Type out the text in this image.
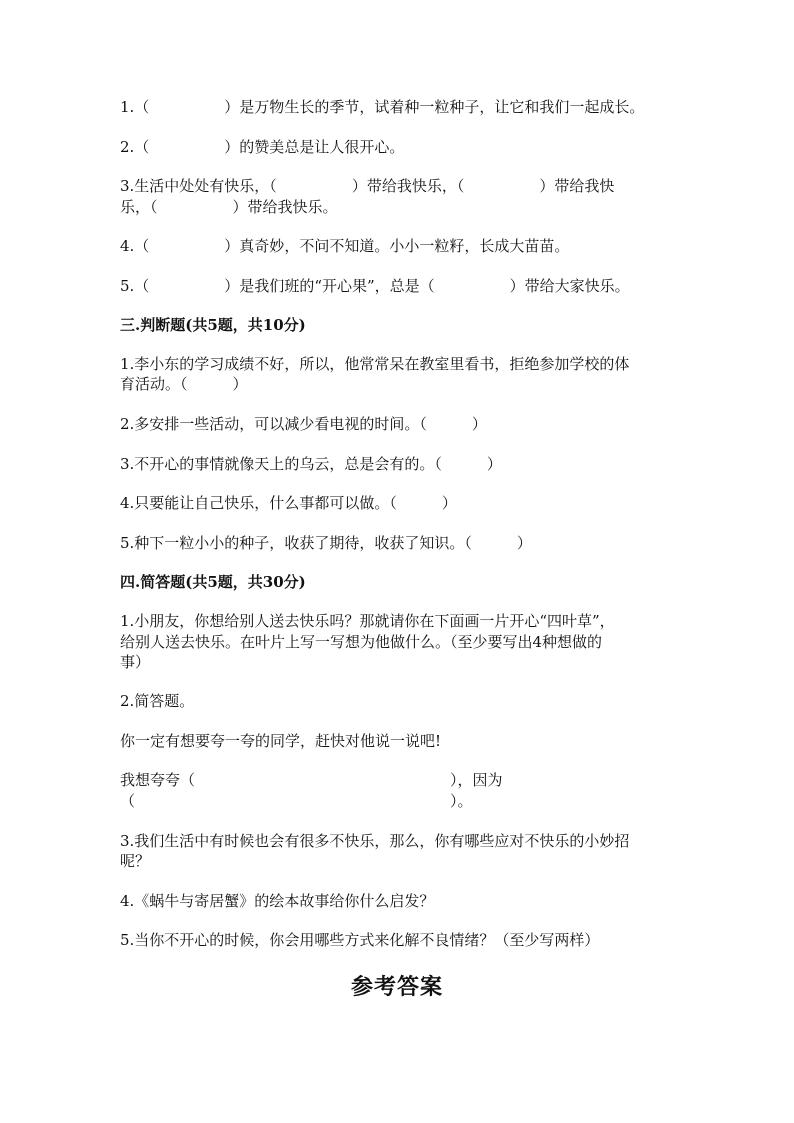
1.（　　　　　）是万物生长的季节，试着种一粒种子，让它和我们一起成长。
2.（　　　　　）的赞美总是让人很开心。
3.生活中处处有快乐，（　　　　　）带给我快乐，（　　　　　）带给我快
乐，（　　　　　）带给我快乐。
4.（　　　　　）真奇妙，不问不知道。小小一粒籽，长成大苗苗。
5.（　　　　　）是我们班的“开心果”，总是（　　　　　）带给大家快乐。
三.判断题(共5题，共10分)
1.李小东的学习成绩不好，所以，他常常呆在教室里看书，拒绝参加学校的体
育活动。（　　　）
2.多安排一些活动，可以减少看电视的时间。（　　　）
3.不开心的事情就像天上的乌云，总是会有的。（　　　）
4.只要能让自己快乐，什么事都可以做。（　　　）
5.种下一粒小小的种子，收获了期待，收获了知识。（　　　）
四.简答题(共5题，共30分)
1.小朋友，你想给别人送去快乐吗？那就请你在下面画一片开心“四叶草”，
给别人送去快乐。在叶片上写一写想为他做什么。（至少要写出4种想做的
事）
2.简答题。
你一定有想要夸一夸的同学，赶快对他说一说吧!
我想夸夸（　　　　　　　　　　　　　　　　　），因为
（　　　　　　　　　　　　　　　　　　　　　）。
3.我们生活中有时候也会有很多不快乐，那么，你有哪些应对不快乐的小妙招
呢？
4.《蜗牛与寄居蟹》的绘本故事给你什么启发？
5.当你不开心的时候，你会用哪些方式来化解不良情绪？（至少写两样）
参考答案
